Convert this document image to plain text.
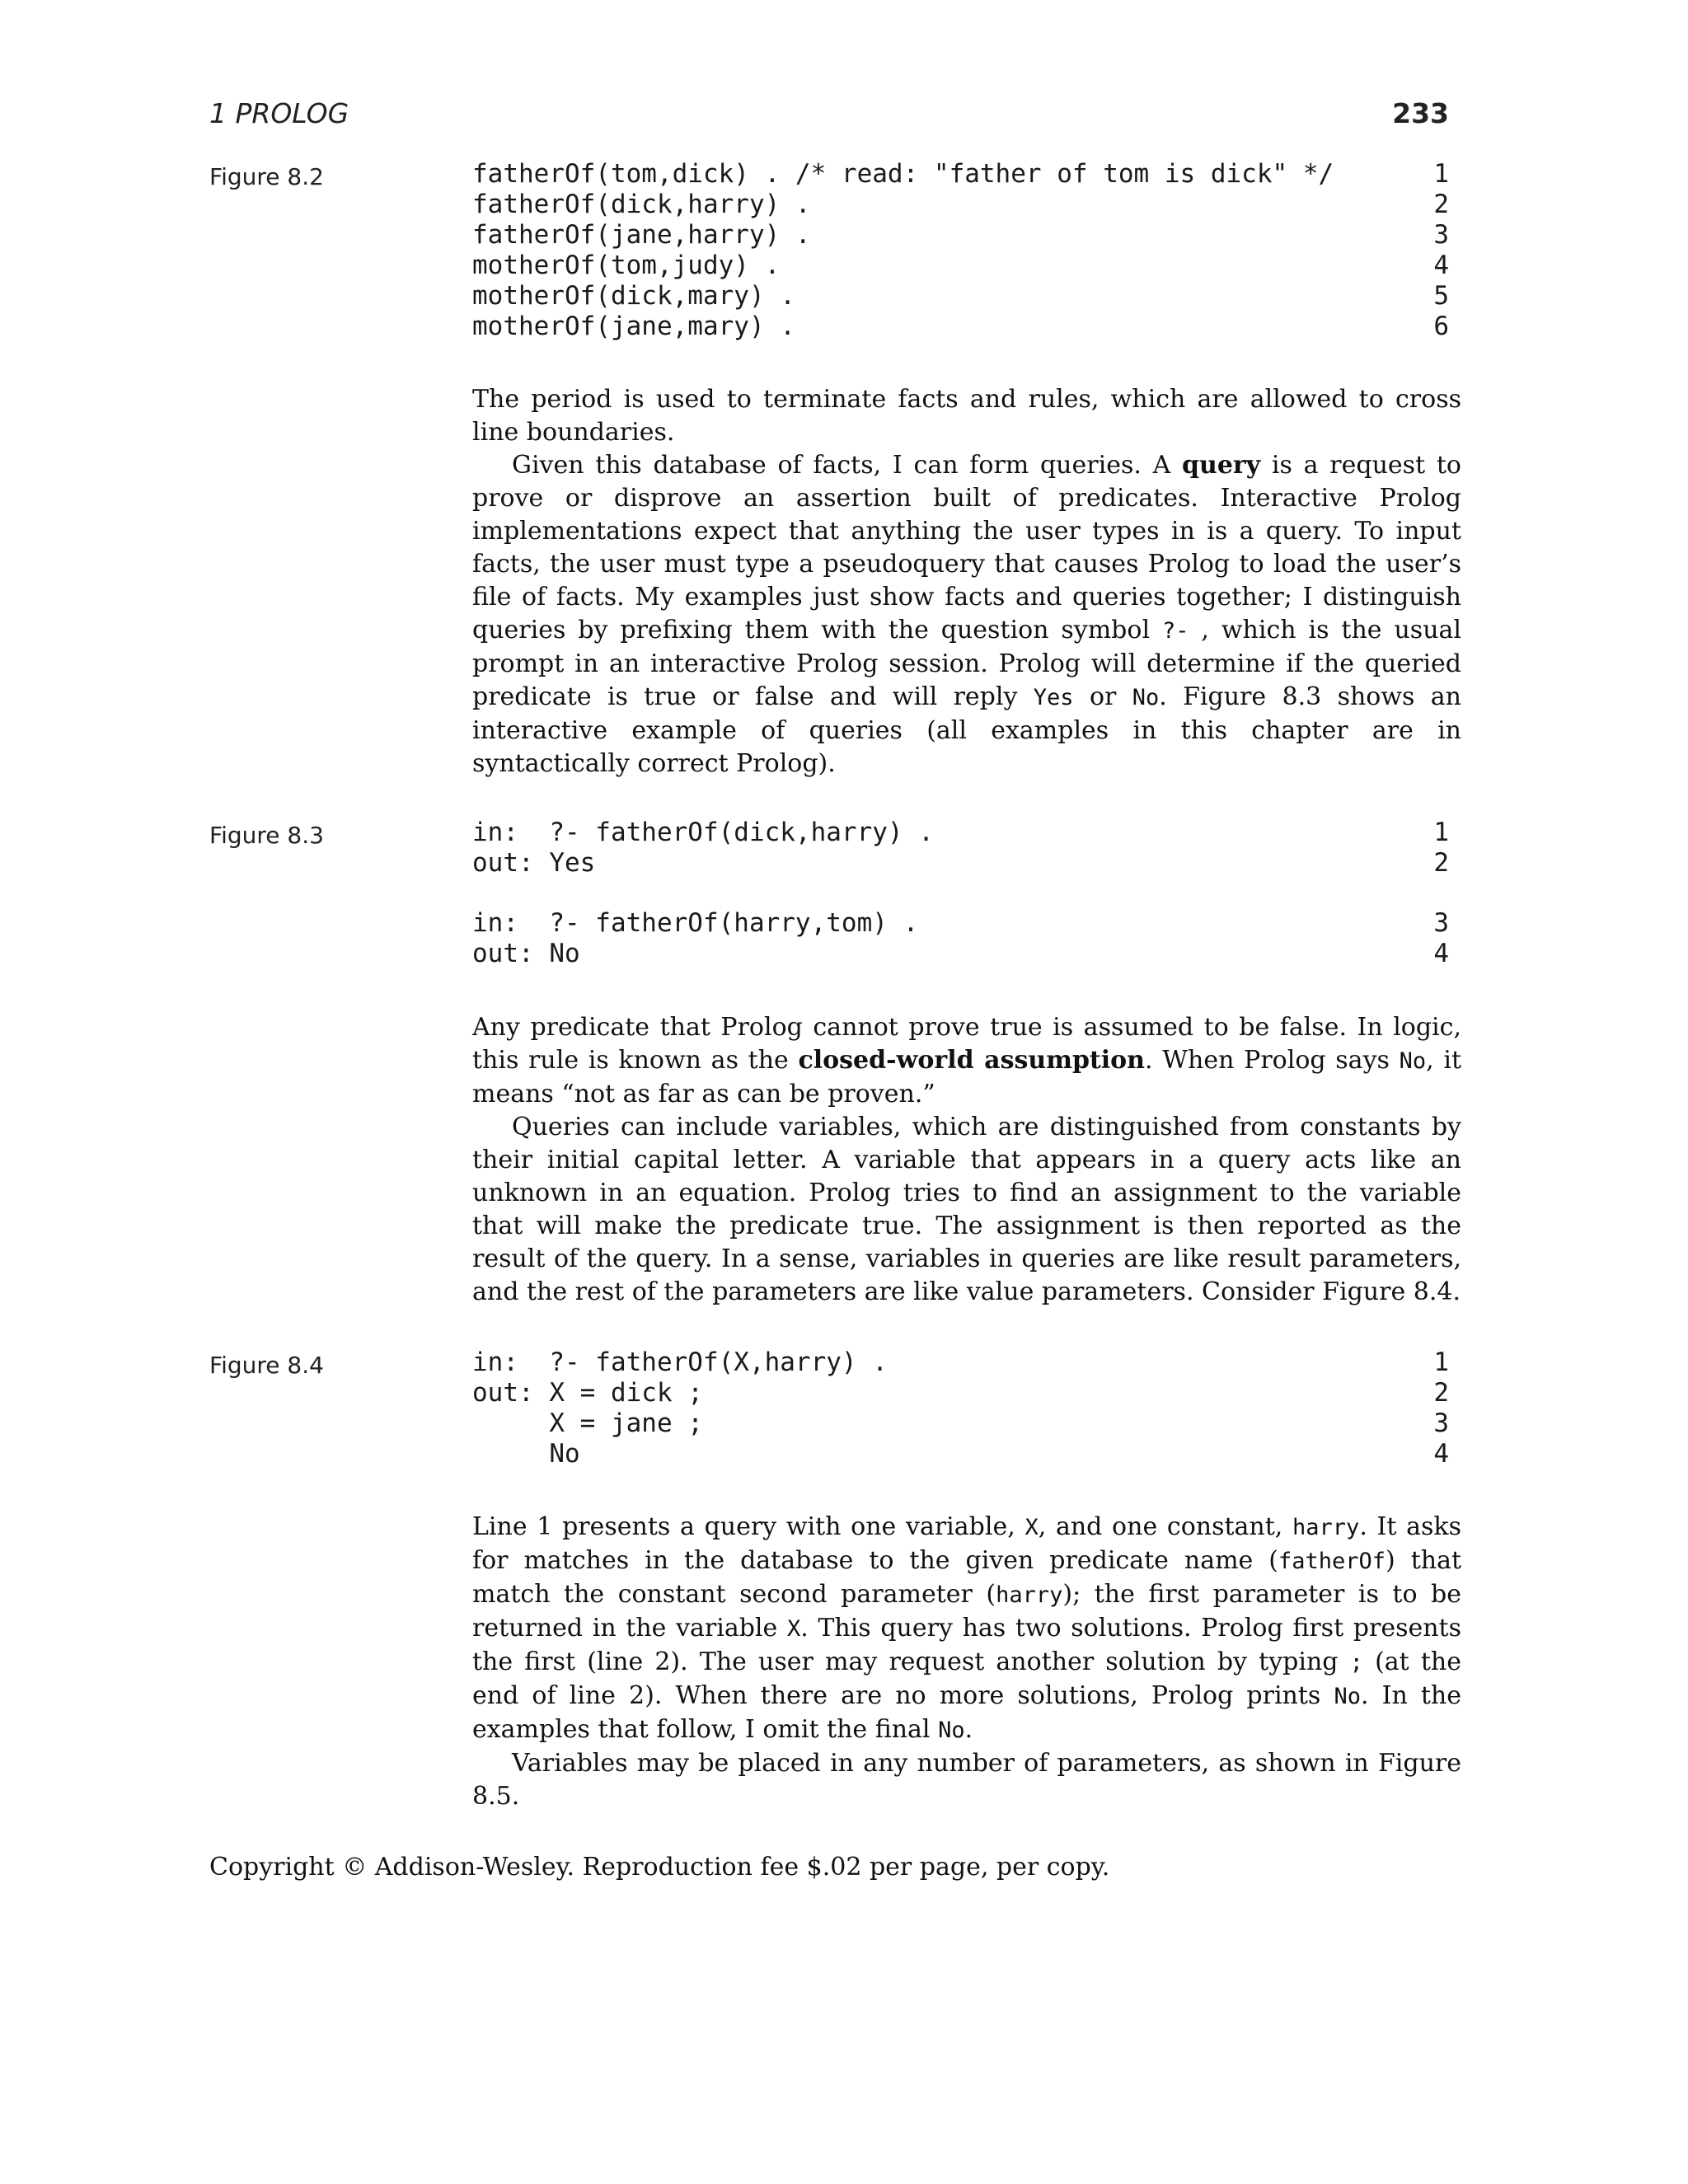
1 PROLOG	233
Figure 8.2	fatherOf(tom,dick) . /* read: "father of tom is dick" */	1
fatherOf(dick,harry) .	2
fatherOf(jane,harry) .	3
motherOf(tom,judy) .	4
motherOf(dick,mary) .	5
motherOf(jane,mary) .	6

The period is used to terminate facts and rules, which are allowed to cross line boundaries.

Given this database of facts, I can form queries. A query is a request to prove or disprove an assertion built of predicates. Interactive Prolog implementations expect that anything the user types in is a query. To input facts, the user must type a pseudoquery that causes Prolog to load the user’s file of facts. My examples just show facts and queries together; I distinguish queries by prefixing them with the question symbol ?- , which is the usual prompt in an interactive Prolog session. Prolog will determine if the queried predicate is true or false and will reply Yes or No. Figure 8.3 shows an interactive example of queries (all examples in this chapter are in syntactically correct Prolog).

Figure 8.3	in:  ?- fatherOf(dick,harry) .	1
out: Yes	2
in:  ?- fatherOf(harry,tom) .	3
out: No	4

Any predicate that Prolog cannot prove true is assumed to be false. In logic, this rule is known as the closed-world assumption. When Prolog says No, it means “not as far as can be proven.”

Queries can include variables, which are distinguished from constants by their initial capital letter. A variable that appears in a query acts like an unknown in an equation. Prolog tries to find an assignment to the variable that will make the predicate true. The assignment is then reported as the result of the query. In a sense, variables in queries are like result parameters, and the rest of the parameters are like value parameters. Consider Figure 8.4.

Figure 8.4	in:  ?- fatherOf(X,harry) .	1
out: X = dick ;	2
X = jane ;	3
No	4

Line 1 presents a query with one variable, X, and one constant, harry. It asks for matches in the database to the given predicate name (fatherOf) that match the constant second parameter (harry); the first parameter is to be returned in the variable X. This query has two solutions. Prolog first presents the first (line 2). The user may request another solution by typing ; (at the end of line 2). When there are no more solutions, Prolog prints No. In the examples that follow, I omit the final No.

Variables may be placed in any number of parameters, as shown in Figure 8.5.

Copyright © Addison-Wesley. Reproduction fee $.02 per page, per copy.
